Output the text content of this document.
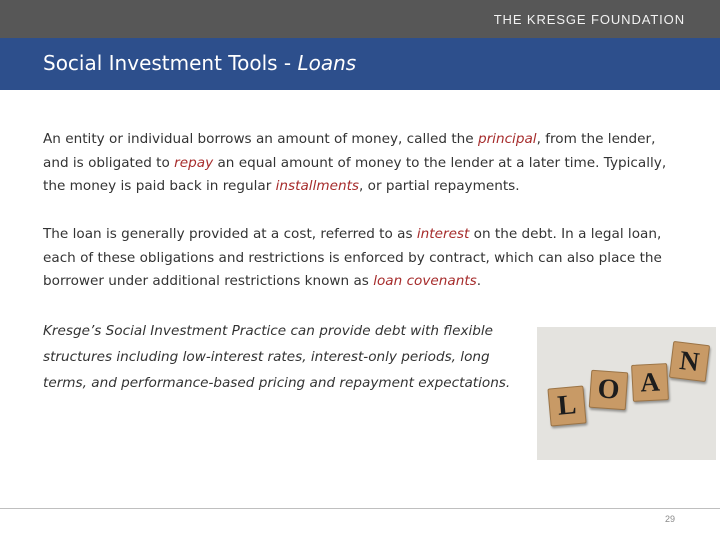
THE KRESGE FOUNDATION
Social Investment Tools - Loans
An entity or individual borrows an amount of money, called the principal, from the lender, and is obligated to repay an equal amount of money to the lender at a later time. Typically, the money is paid back in regular installments, or partial repayments.
The loan is generally provided at a cost, referred to as interest on the debt. In a legal loan, each of these obligations and restrictions is enforced by contract, which can also place the borrower under additional restrictions known as loan covenants.
Kresge’s Social Investment Practice can provide debt with flexible structures including low-interest rates, interest-only periods, long terms, and performance-based pricing and repayment expectations.
L O A
N
29
